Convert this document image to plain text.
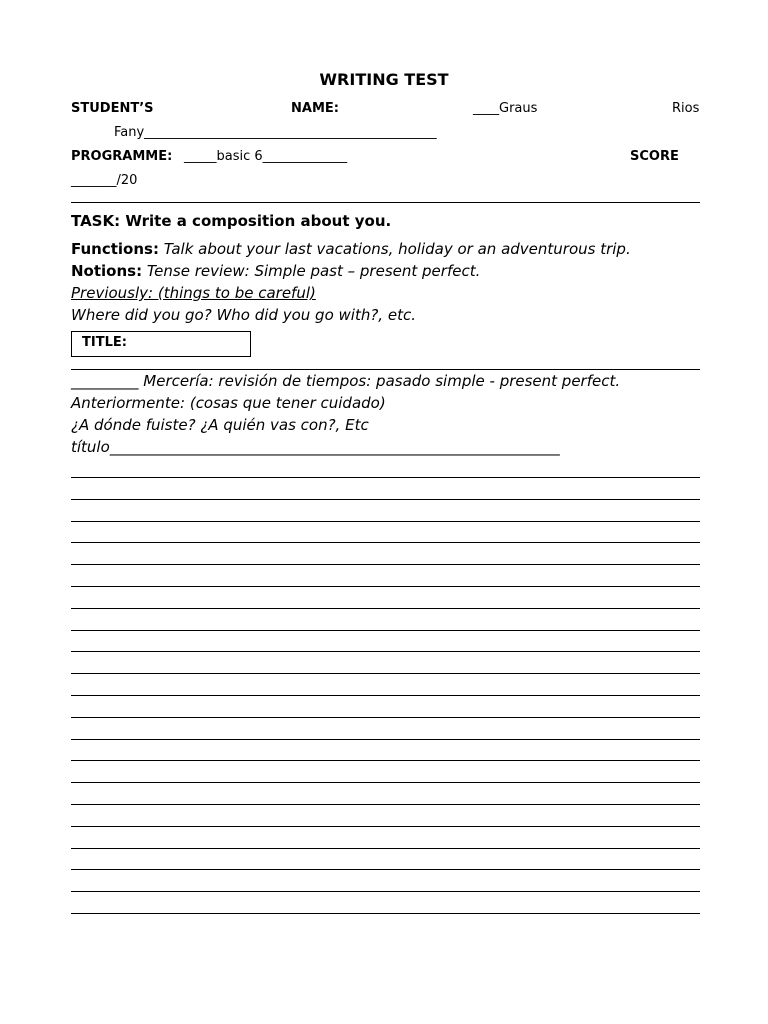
WRITING TEST
STUDENT’S	NAME:	____Graus	Rios
Fany_____________________________________________
PROGRAMME: _____basic 6_____________	SCORE
_______/20
TASK: Write a composition about you.
Functions: Talk about your last vacations, holiday or an adventurous trip.
Notions: Tense review: Simple past – present perfect.
Previously: (things to be careful)
Where did you go? Who did you go with?, etc.
TITLE:
_________ Mercería: revisión de tiempos: pasado simple - present perfect.
Anteriormente: (cosas que tener cuidado)
¿A dónde fuiste? ¿A quién vas con?, Etc
título____________________________________________________________
